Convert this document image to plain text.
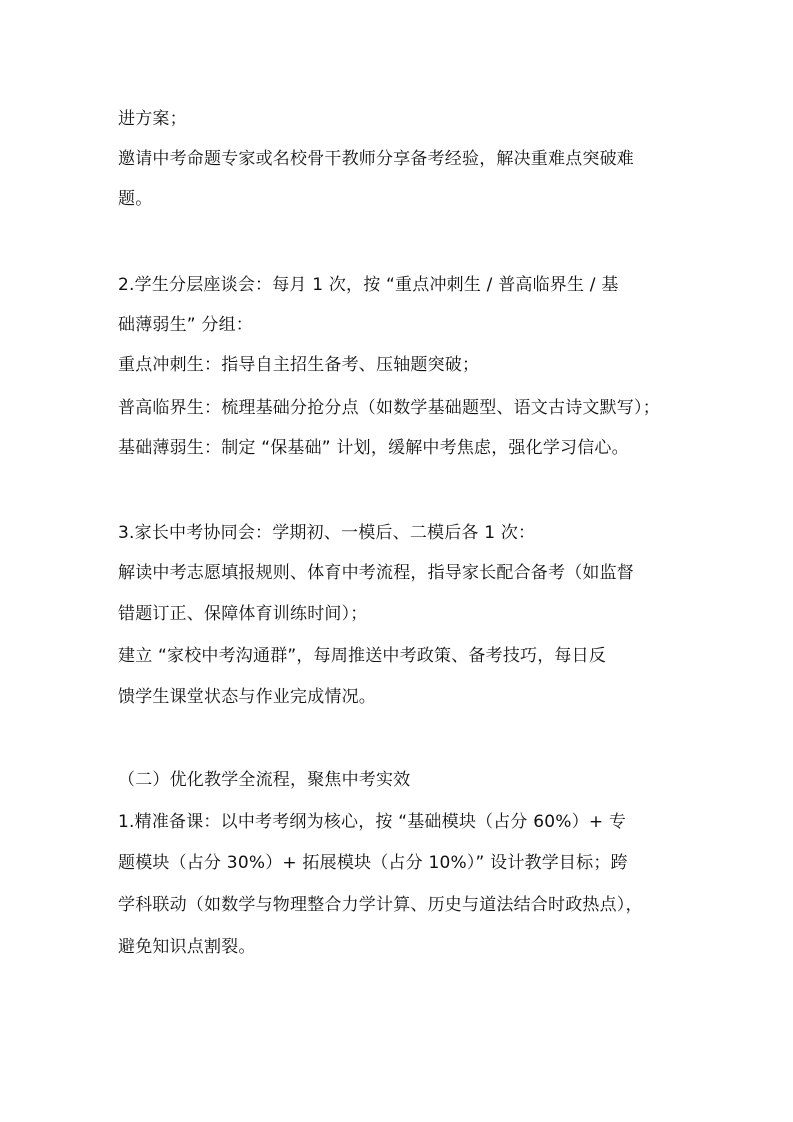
进方案；
邀请中考命题专家或名校骨干教师分享备考经验，解决重难点突破难
题。
2.学生分层座谈会：每月 1 次，按 “重点冲刺生 / 普高临界生 / 基
础薄弱生” 分组：
重点冲刺生：指导自主招生备考、压轴题突破；
普高临界生：梳理基础分抢分点（如数学基础题型、语文古诗文默写）；
基础薄弱生：制定 “保基础” 计划，缓解中考焦虑，强化学习信心。
3.家长中考协同会：学期初、一模后、二模后各 1 次：
解读中考志愿填报规则、体育中考流程，指导家长配合备考（如监督
错题订正、保障体育训练时间）；
建立 “家校中考沟通群”，每周推送中考政策、备考技巧，每日反
馈学生课堂状态与作业完成情况。
（二）优化教学全流程，聚焦中考实效
1.精准备课：以中考考纲为核心，按 “基础模块（占分 60%）+ 专
题模块（占分 30%）+ 拓展模块（占分 10%）” 设计教学目标；跨
学科联动（如数学与物理整合力学计算、历史与道法结合时政热点），
避免知识点割裂。
